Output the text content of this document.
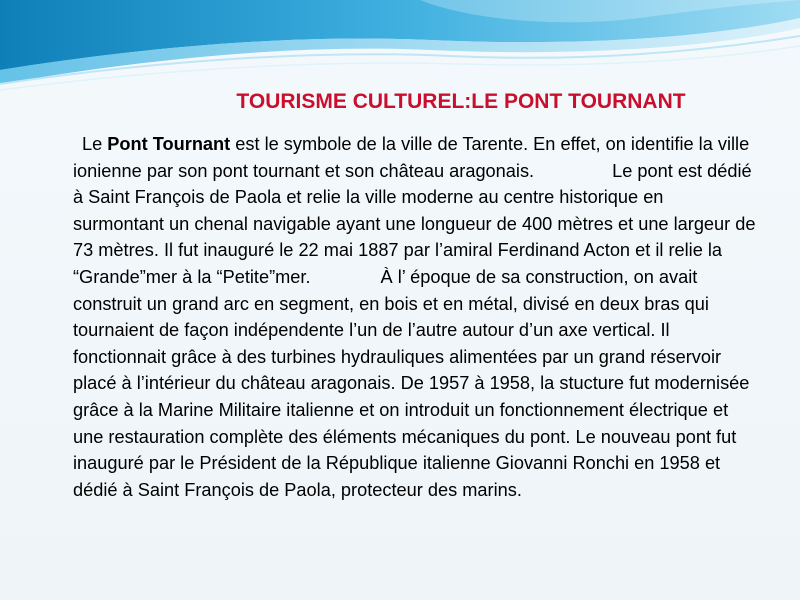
TOURISME CULTUREL:LE PONT TOURNANT
Le Pont Tournant est le symbole de la ville de Tarente. En effet, on identifie la ville ionienne par son pont tournant et son château aragonais.	Le pont est dédié à Saint François de Paola et relie la ville moderne au centre historique en surmontant un chenal navigable ayant une longueur de 400 mètres et une largeur de 73 mètres. Il fut inauguré le 22 mai 1887 par l’amiral Ferdinand Acton et il relie la “Grande”mer à la “Petite”mer.	À l’ époque de sa construction, on avait construit un grand arc en segment, en bois et en métal, divisé en deux bras qui tournaient de façon indépendente l’un de l’autre autour d’un axe vertical. Il fonctionnait grâce à des turbines hydrauliques alimentées par un grand réservoir placé à l’intérieur du château aragonais. De 1957 à 1958, la stucture fut modernisée grâce à la Marine Militaire italienne et on introduit un fonctionnement électrique et une restauration complète des éléments mécaniques du pont. Le nouveau pont fut inauguré par le Président de la République italienne Giovanni Ronchi en 1958 et dédié à Saint François de Paola, protecteur des marins.
